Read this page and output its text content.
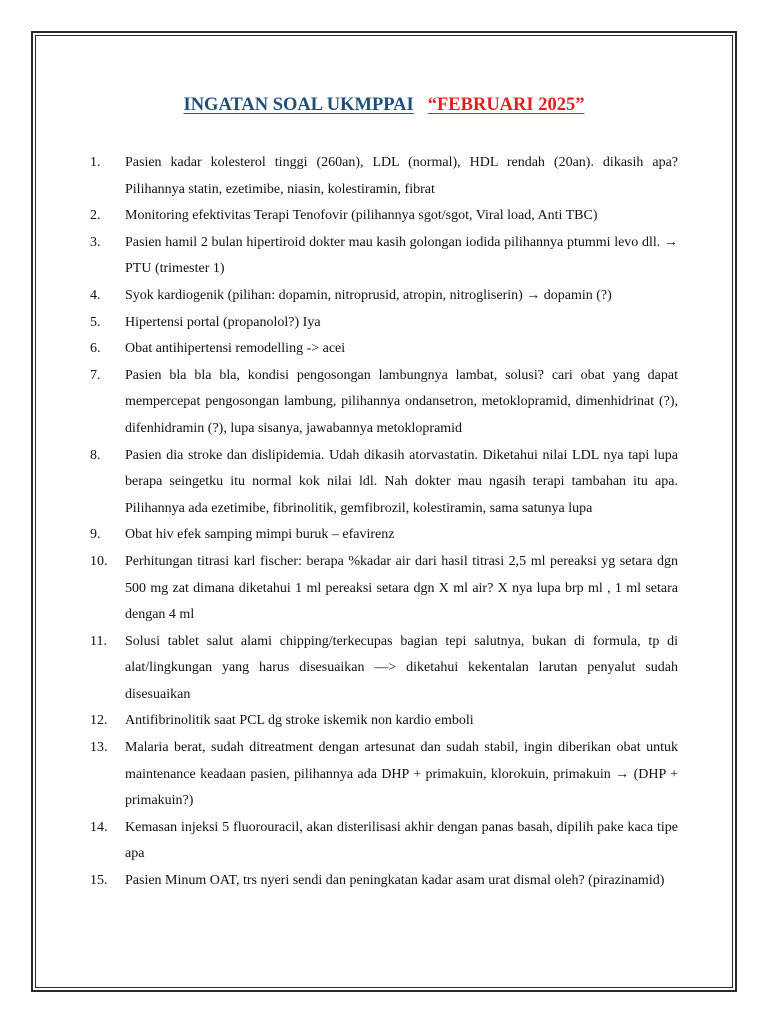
INGATAN SOAL UKMPPAI “FEBRUARI 2025”
1.	Pasien kadar kolesterol tinggi (260an), LDL (normal), HDL rendah (20an). dikasih apa? Pilihannya statin, ezetimibe, niasin, kolestiramin, fibrat
2.	Monitoring efektivitas Terapi Tenofovir (pilihannya sgot/sgot, Viral load, Anti TBC)
3.	Pasien hamil 2 bulan hipertiroid dokter mau kasih golongan iodida pilihannya ptummi levo dll. → PTU (trimester 1)
4.	Syok kardiogenik (pilihan: dopamin, nitroprusid, atropin, nitrogliserin) → dopamin (?)
5.	Hipertensi portal (propanolol?) Iya
6.	Obat antihipertensi remodelling -> acei
7.	Pasien bla bla bla, kondisi pengosongan lambungnya lambat, solusi? cari obat yang dapat mempercepat pengosongan lambung, pilihannya ondansetron, metoklopramid, dimenhidrinat (?), difenhidramin (?), lupa sisanya, jawabannya metoklopramid
8.	Pasien dia stroke dan dislipidemia. Udah dikasih atorvastatin. Diketahui nilai LDL nya tapi lupa berapa seingetku itu normal kok nilai ldl. Nah dokter mau ngasih terapi tambahan itu apa. Pilihannya ada ezetimibe, fibrinolitik, gemfibrozil, kolestiramin, sama satunya lupa
9.	Obat hiv efek samping mimpi buruk – efavirenz
10.	Perhitungan titrasi karl fischer: berapa %kadar air dari hasil titrasi 2,5 ml pereaksi yg setara dgn 500 mg zat dimana diketahui 1 ml pereaksi setara dgn X ml air? X nya lupa brp ml , 1 ml setara dengan 4 ml
11.	Solusi tablet salut alami chipping/terkecupas bagian tepi salutnya, bukan di formula, tp di alat/lingkungan yang harus disesuaikan —> diketahui kekentalan larutan penyalut sudah disesuaikan
12.	Antifibrinolitik saat PCL dg stroke iskemik non kardio emboli
13.	Malaria berat, sudah ditreatment dengan artesunat dan sudah stabil, ingin diberikan obat untuk maintenance keadaan pasien, pilihannya ada DHP + primakuin, klorokuin, primakuin → (DHP + primakuin?)
14.	Kemasan injeksi 5 fluorouracil, akan disterilisasi akhir dengan panas basah, dipilih pake kaca tipe apa
15.	Pasien Minum OAT, trs nyeri sendi dan peningkatan kadar asam urat dismal oleh? (pirazinamid)
